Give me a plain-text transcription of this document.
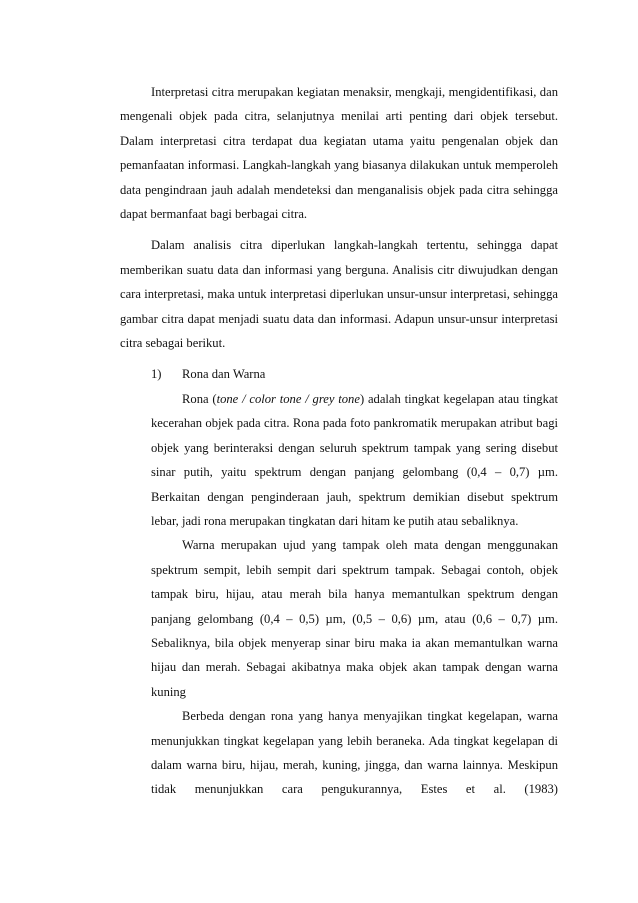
Interpretasi citra merupakan kegiatan menaksir, mengkaji, mengidentifikasi, dan mengenali objek pada citra, selanjutnya menilai arti penting dari objek tersebut. Dalam interpretasi citra terdapat dua kegiatan utama yaitu pengenalan objek dan pemanfaatan informasi. Langkah-langkah yang biasanya dilakukan untuk memperoleh data pengindraan jauh adalah mendeteksi dan menganalisis objek pada citra sehingga dapat bermanfaat bagi berbagai citra.

Dalam analisis citra diperlukan langkah-langkah tertentu, sehingga dapat memberikan suatu data dan informasi yang berguna. Analisis citr diwujudkan dengan cara interpretasi, maka untuk interpretasi diperlukan unsur-unsur interpretasi, sehingga gambar citra dapat menjadi suatu data dan informasi. Adapun unsur-unsur interpretasi citra sebagai berikut.

1)	Rona dan Warna

Rona (tone / color tone / grey tone) adalah tingkat kegelapan atau tingkat kecerahan objek pada citra. Rona pada foto pankromatik merupakan atribut bagi objek yang berinteraksi dengan seluruh spektrum tampak yang sering disebut sinar putih, yaitu spektrum dengan panjang gelombang (0,4 – 0,7) µm. Berkaitan dengan penginderaan jauh, spektrum demikian disebut spektrum lebar, jadi rona merupakan tingkatan dari hitam ke putih atau sebaliknya.

Warna merupakan ujud yang tampak oleh mata dengan menggunakan spektrum sempit, lebih sempit dari spektrum tampak. Sebagai contoh, objek tampak biru, hijau, atau merah bila hanya memantulkan spektrum dengan panjang gelombang (0,4 – 0,5) µm, (0,5 – 0,6) µm, atau (0,6 – 0,7) µm. Sebaliknya, bila objek menyerap sinar biru maka ia akan memantulkan warna hijau dan merah. Sebagai akibatnya maka objek akan tampak dengan warna kuning

Berbeda dengan rona yang hanya menyajikan tingkat kegelapan, warna menunjukkan tingkat kegelapan yang lebih beraneka. Ada tingkat kegelapan di dalam warna biru, hijau, merah, kuning, jingga, dan warna lainnya. Meskipun tidak menunjukkan cara pengukurannya, Estes et al. (1983)
